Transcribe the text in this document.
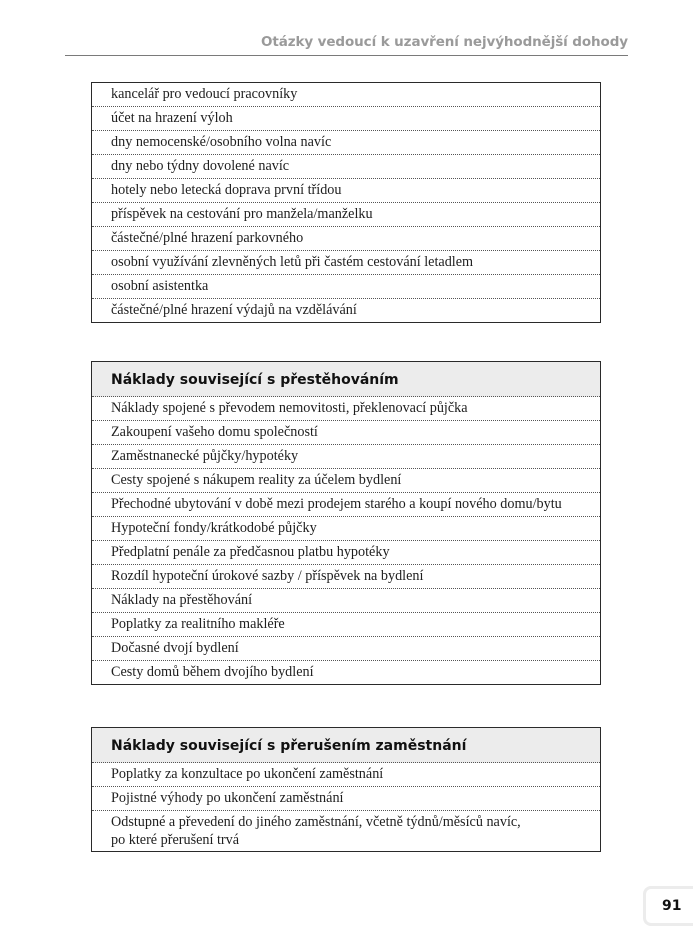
Otázky vedoucí k uzavření nejvýhodnější dohody
kancelář pro vedoucí pracovníky
účet na hrazení výloh
dny nemocenské/osobního volna navíc
dny nebo týdny dovolené navíc
hotely nebo letecká doprava první třídou
příspěvek na cestování pro manžela/manželku
částečné/plné hrazení parkovného
osobní využívání zlevněných letů při častém cestování letadlem
osobní asistentka
částečné/plné hrazení výdajů na vzdělávání
Náklady související s přestěhováním
Náklady spojené s převodem nemovitosti, překlenovací půjčka
Zakoupení vašeho domu společností
Zaměstnanecké půjčky/hypotéky
Cesty spojené s nákupem reality za účelem bydlení
Přechodné ubytování v době mezi prodejem starého a koupí nového domu/bytu
Hypoteční fondy/krátkodobé půjčky
Předplatní penále za předčasnou platbu hypotéky
Rozdíl hypoteční úrokové sazby / příspěvek na bydlení
Náklady na přestěhování
Poplatky za realitního makléře
Dočasné dvojí bydlení
Cesty domů během dvojího bydlení
Náklady související s přerušením zaměstnání
Poplatky za konzultace po ukončení zaměstnání
Pojistné výhody po ukončení zaměstnání
Odstupné a převedení do jiného zaměstnání, včetně týdnů/měsíců navíc,
po které přerušení trvá
91
